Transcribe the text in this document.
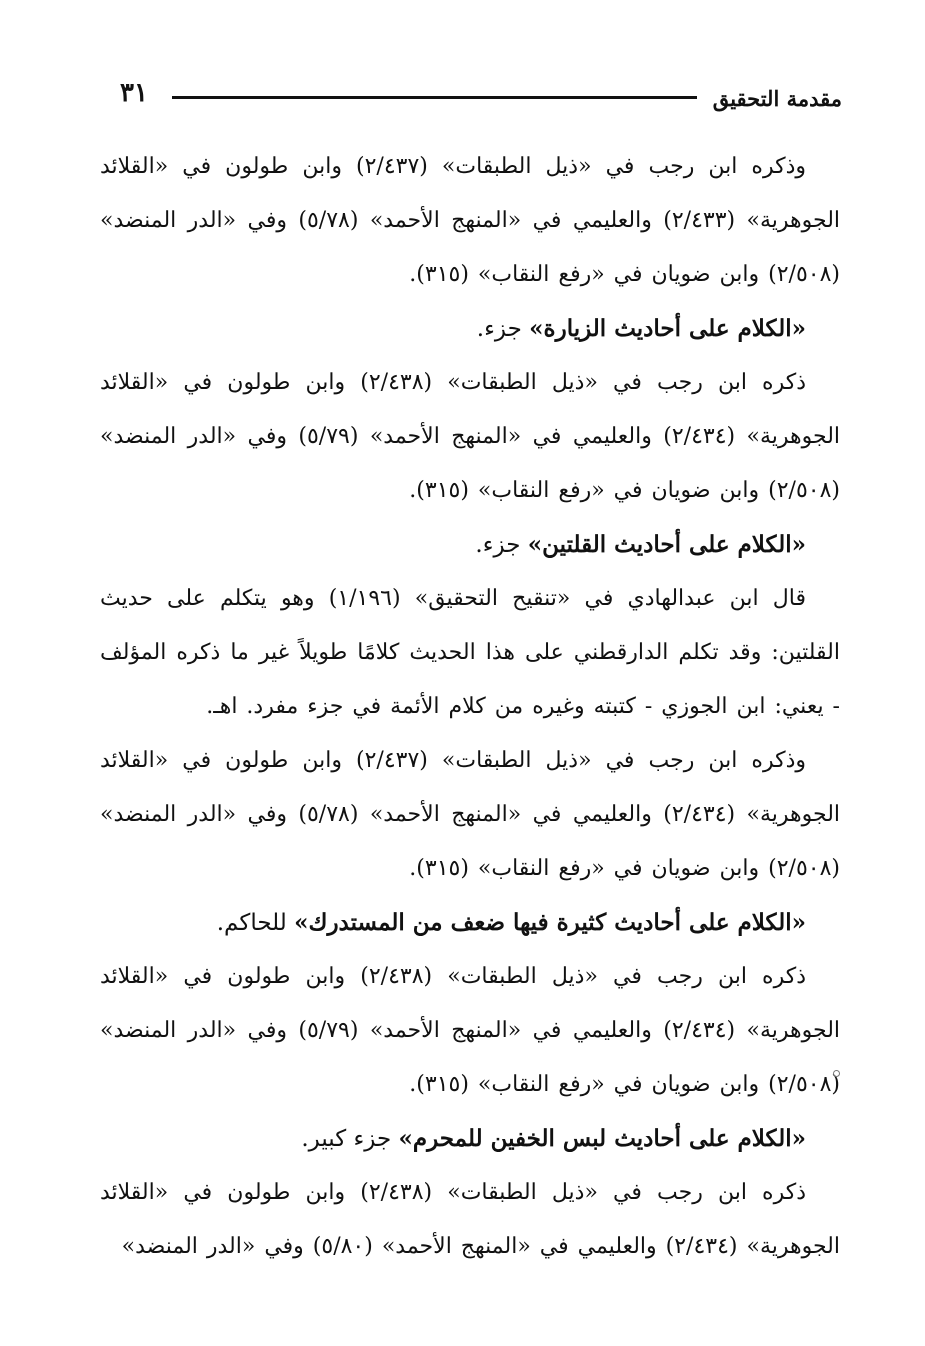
مقدمة التحقيق
٣١

وذكره ابن رجب في «ذيل الطبقات» (٢/٤٣٧) وابن طولون في «القلائد الجوهرية» (٢/٤٣٣) والعليمي في «المنهج الأحمد» (٥/٧٨) وفي «الدر المنضد» (٢/٥٠٨) وابن ضويان في «رفع النقاب» (٣١٥).

«الكلام على أحاديث الزيارة» جزء.

ذكره ابن رجب في «ذيل الطبقات» (٢/٤٣٨) وابن طولون في «القلائد الجوهرية» (٢/٤٣٤) والعليمي في «المنهج الأحمد» (٥/٧٩) وفي «الدر المنضد» (٢/٥٠٨) وابن ضويان في «رفع النقاب» (٣١٥).

«الكلام على أحاديث القلتين» جزء.

قال ابن عبدالهادي في «تنقيح التحقيق» (١/١٩٦) وهو يتكلم على حديث القلتين: وقد تكلم الدارقطني على هذا الحديث كلامًا طويلاً غير ما ذكره المؤلف - يعني: ابن الجوزي - كتبته وغيره من كلام الأئمة في جزء مفرد. اهـ.

وذكره ابن رجب في «ذيل الطبقات» (٢/٤٣٧) وابن طولون في «القلائد الجوهرية» (٢/٤٣٤) والعليمي في «المنهج الأحمد» (٥/٧٨) وفي «الدر المنضد» (٢/٥٠٨) وابن ضويان في «رفع النقاب» (٣١٥).

«الكلام على أحاديث كثيرة فيها ضعف من المستدرك» للحاكم.

ذكره ابن رجب في «ذيل الطبقات» (٢/٤٣٨) وابن طولون في «القلائد الجوهرية» (٢/٤٣٤) والعليمي في «المنهج الأحمد» (٥/٧٩) وفي «الدر المنضد» (٢/٥٠٨) وابن ضويان في «رفع النقاب» (٣١٥).

«الكلام على أحاديث لبس الخفين للمحرم» جزء كبير.

ذكره ابن رجب في «ذيل الطبقات» (٢/٤٣٨) وابن طولون في «القلائد الجوهرية» (٢/٤٣٤) والعليمي في «المنهج الأحمد» (٥/٨٠) وفي «الدر المنضد»
